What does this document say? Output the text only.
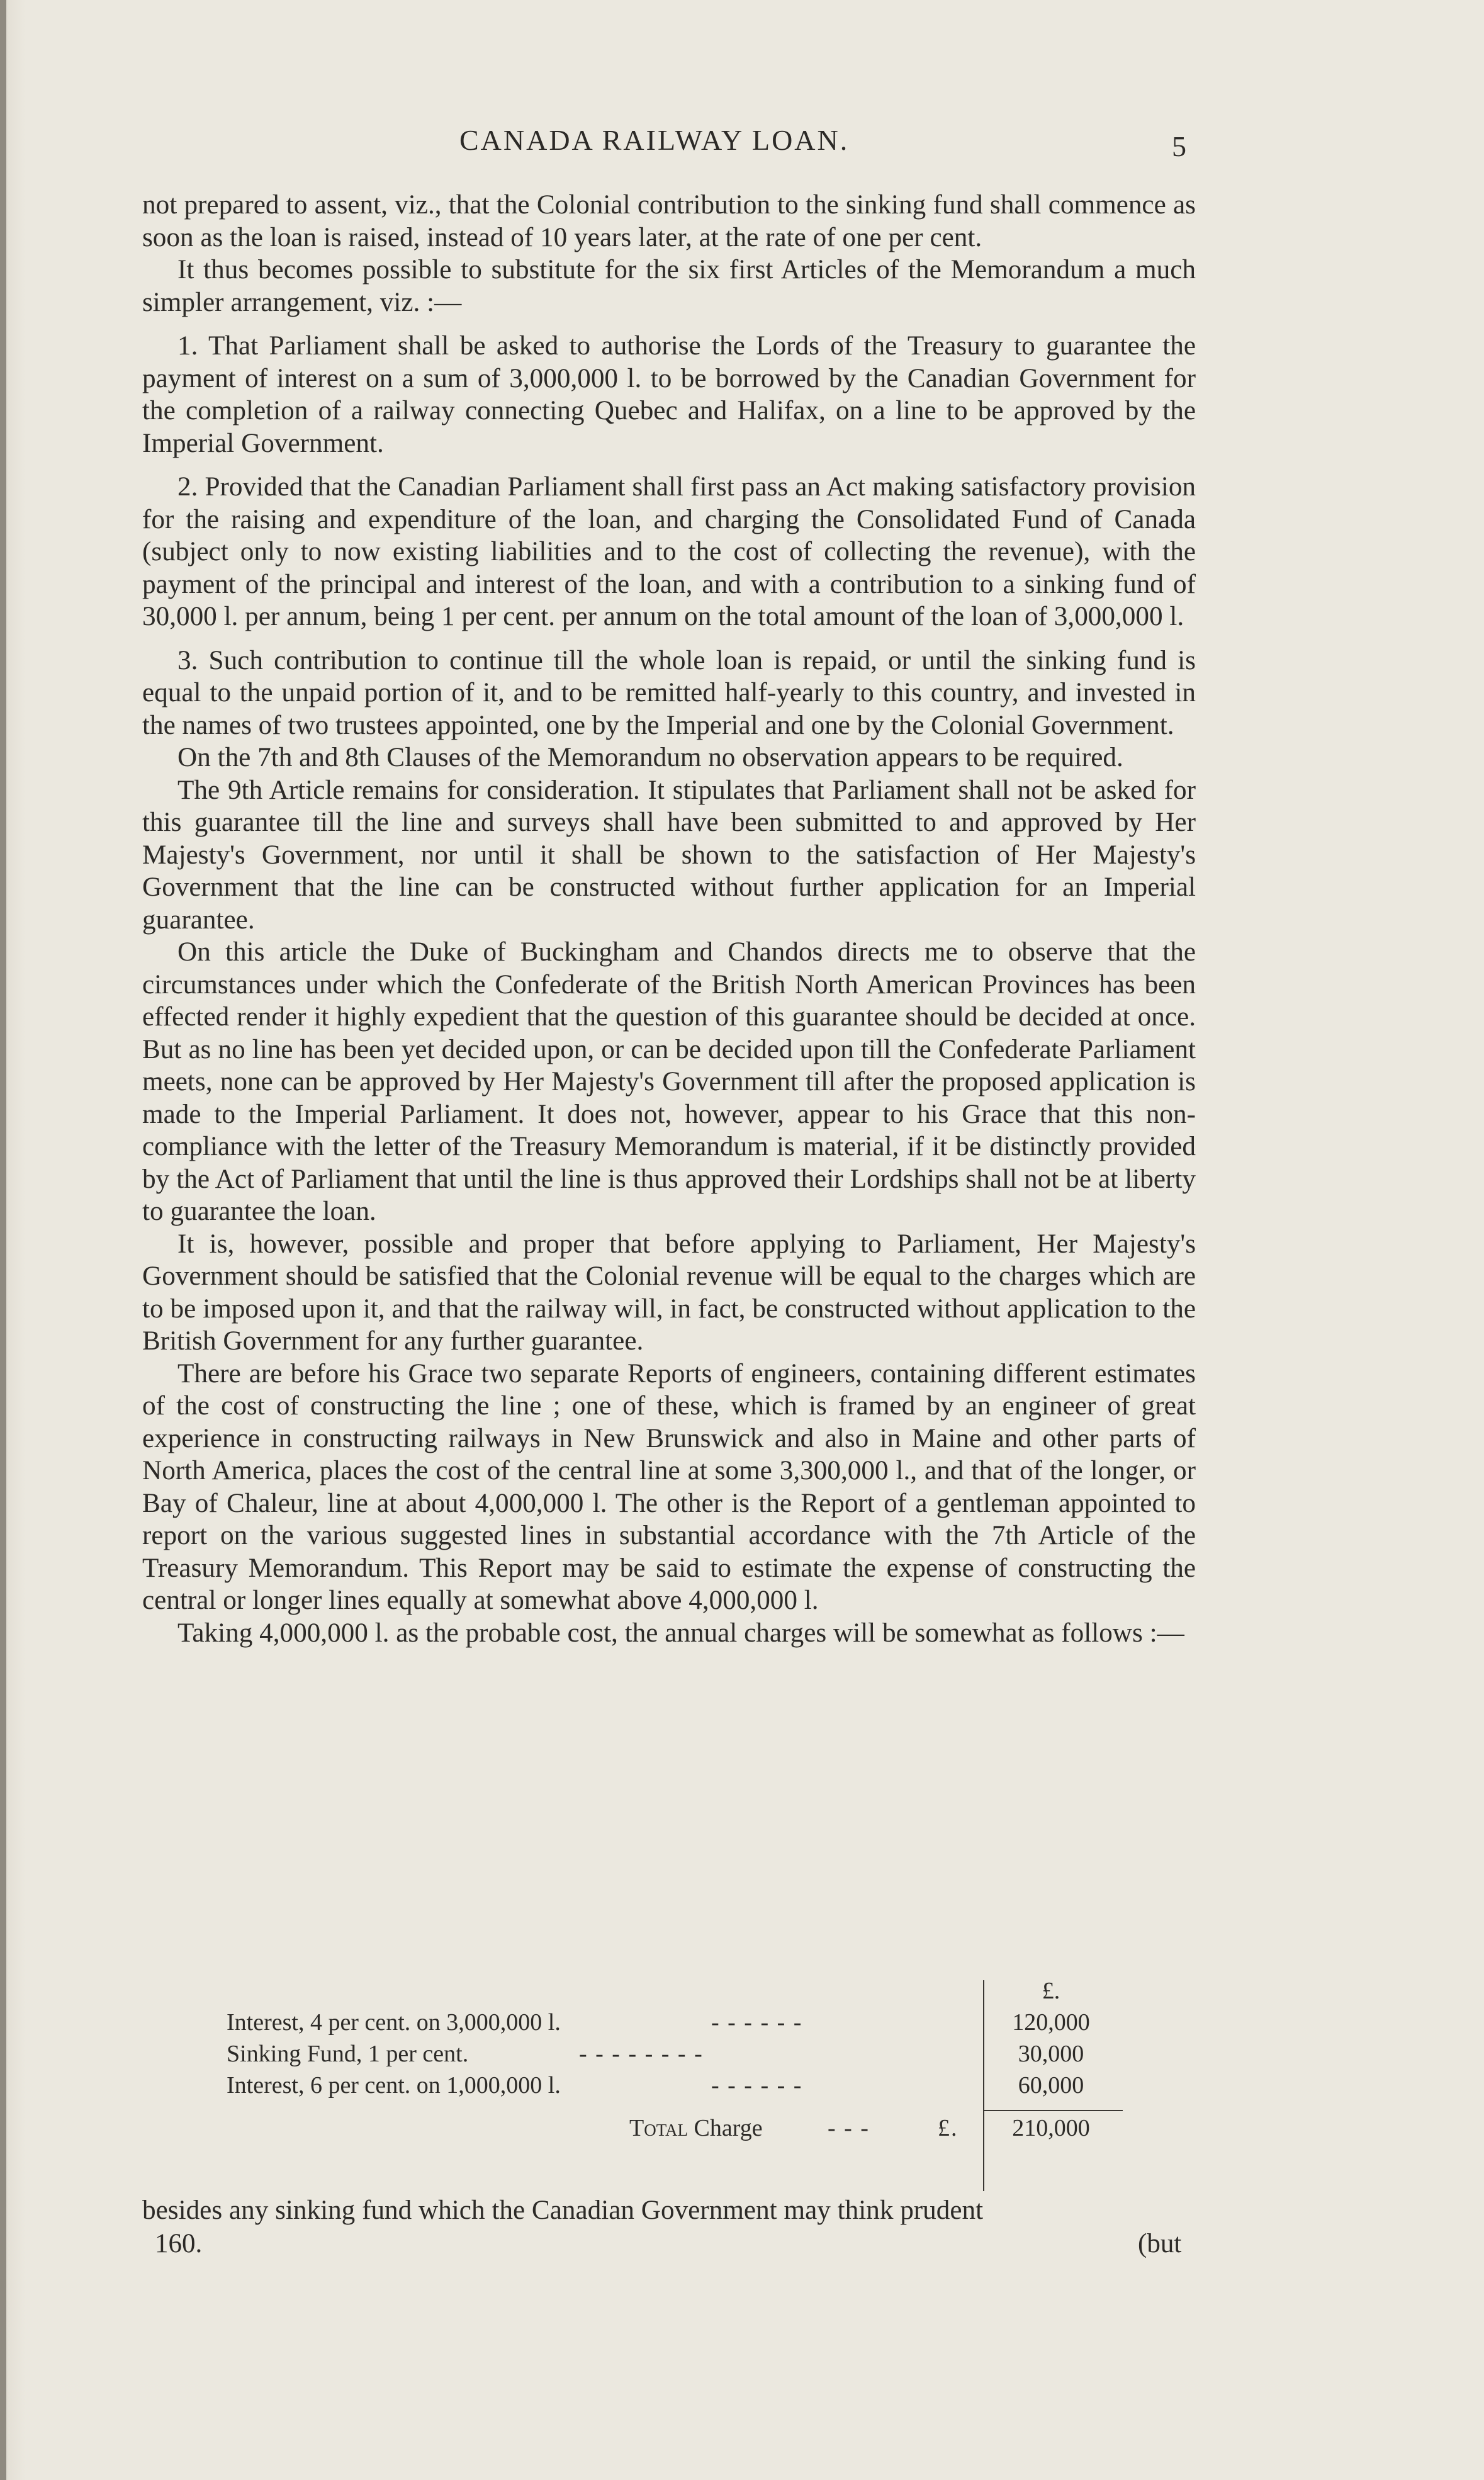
CANADA RAILWAY LOAN.	5

not prepared to assent, viz., that the Colonial contribution to the sinking fund shall commence as soon as the loan is raised, instead of 10 years later, at the rate of one per cent.

It thus becomes possible to substitute for the six first Articles of the Memorandum a much simpler arrangement, viz. :—

1. That Parliament shall be asked to authorise the Lords of the Treasury to guarantee the payment of interest on a sum of 3,000,000 l. to be borrowed by the Canadian Government for the completion of a railway connecting Quebec and Halifax, on a line to be approved by the Imperial Government.

2. Provided that the Canadian Parliament shall first pass an Act making satisfactory provision for the raising and expenditure of the loan, and charging the Consolidated Fund of Canada (subject only to now existing liabilities and to the cost of collecting the revenue), with the payment of the principal and interest of the loan, and with a contribution to a sinking fund of 30,000 l. per annum, being 1 per cent. per annum on the total amount of the loan of 3,000,000 l.

3. Such contribution to continue till the whole loan is repaid, or until the sinking fund is equal to the unpaid portion of it, and to be remitted half-yearly to this country, and invested in the names of two trustees appointed, one by the Imperial and one by the Colonial Government.

On the 7th and 8th Clauses of the Memorandum no observation appears to be required.

The 9th Article remains for consideration. It stipulates that Parliament shall not be asked for this guarantee till the line and surveys shall have been submitted to and approved by Her Majesty's Government, nor until it shall be shown to the satisfaction of Her Majesty's Government that the line can be constructed without further application for an Imperial guarantee.

On this article the Duke of Buckingham and Chandos directs me to observe that the circumstances under which the Confederate of the British North American Provinces has been effected render it highly expedient that the question of this guarantee should be decided at once. But as no line has been yet decided upon, or can be decided upon till the Confederate Parliament meets, none can be approved by Her Majesty's Government till after the proposed application is made to the Imperial Parliament. It does not, however, appear to his Grace that this non-compliance with the letter of the Treasury Memorandum is material, if it be distinctly provided by the Act of Parliament that until the line is thus approved their Lordships shall not be at liberty to guarantee the loan.

It is, however, possible and proper that before applying to Parliament, Her Majesty's Government should be satisfied that the Colonial revenue will be equal to the charges which are to be imposed upon it, and that the railway will, in fact, be constructed without application to the British Government for any further guarantee.

There are before his Grace two separate Reports of engineers, containing different estimates of the cost of constructing the line ; one of these, which is framed by an engineer of great experience in constructing railways in New Brunswick and also in Maine and other parts of North America, places the cost of the central line at some 3,300,000 l., and that of the longer, or Bay of Chaleur, line at about 4,000,000 l. The other is the Report of a gentleman appointed to report on the various suggested lines in substantial accordance with the 7th Article of the Treasury Memorandum. This Report may be said to estimate the expense of constructing the central or longer lines equally at somewhat above 4,000,000 l.

Taking 4,000,000 l. as the probable cost, the annual charges will be somewhat as follows :—

£.
Interest, 4 per cent. on 3,000,000 l.	- - - - - -	120,000
Sinking Fund, 1 per cent.	- - - - - - - -	30,000
Interest, 6 per cent. on 1,000,000 l.	- - - - - -	60,000
Total Charge	- - -	£.	210,000
besides any sinking fund which the Canadian Government may think prudent
160.	(but
